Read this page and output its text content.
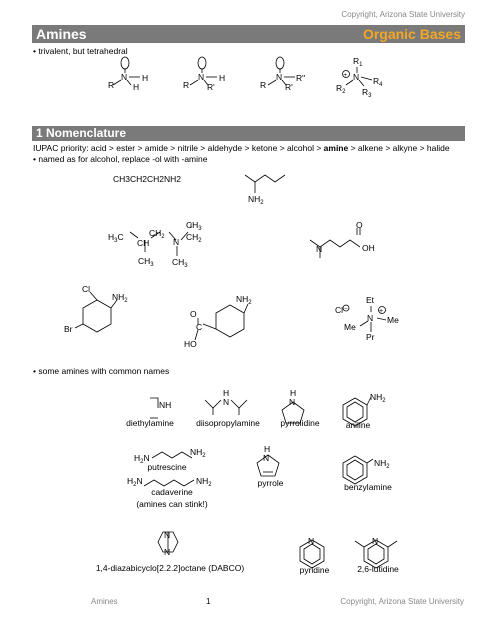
Copyright, Arizona State University
Amines	Organic Bases
• trivalent, but tetrahedral
N
R
H
H
N
R
H
R'
N
R
R"
R'
$R_1$
N
+
$R_2$
$R_4$
$R_3$
1 Nomenclature
IUPAC priority: acid > ester > amide > nitrile > aldehyde > ketone > alcohol > amine > alkene > alkyne > halide
• named as for alcohol, replace -ol with -amine
CH3CH2CH2NH2
$NH_2$
$H_3C$
CH
$CH_2$
$CH_3$
N
$CH_3$
$CH_2$
$CH_3$
N
O
OH
Cl
$NH_2$
Br
$NH_2$
O
C
HO
Cl −
Et
N
+
Me
Me
Pr
• some amines with common names
NH
H
N
H
N	$NH_2$
$H_2N$
$NH_2$
$H_2N$	$NH_2$
H
N	$NH_2$
N
N
N	N
diethylamine	diisopropylamine	pyrrolidine	aniline
putrescine
pyrrole	benzylamine
cadaverine
(amines can stink!)
1,4-diazabicyclo[2.2.2]octane (DABCO)	pyridine	2,6-lutidine
Amines	1	Copyright, Arizona State University
